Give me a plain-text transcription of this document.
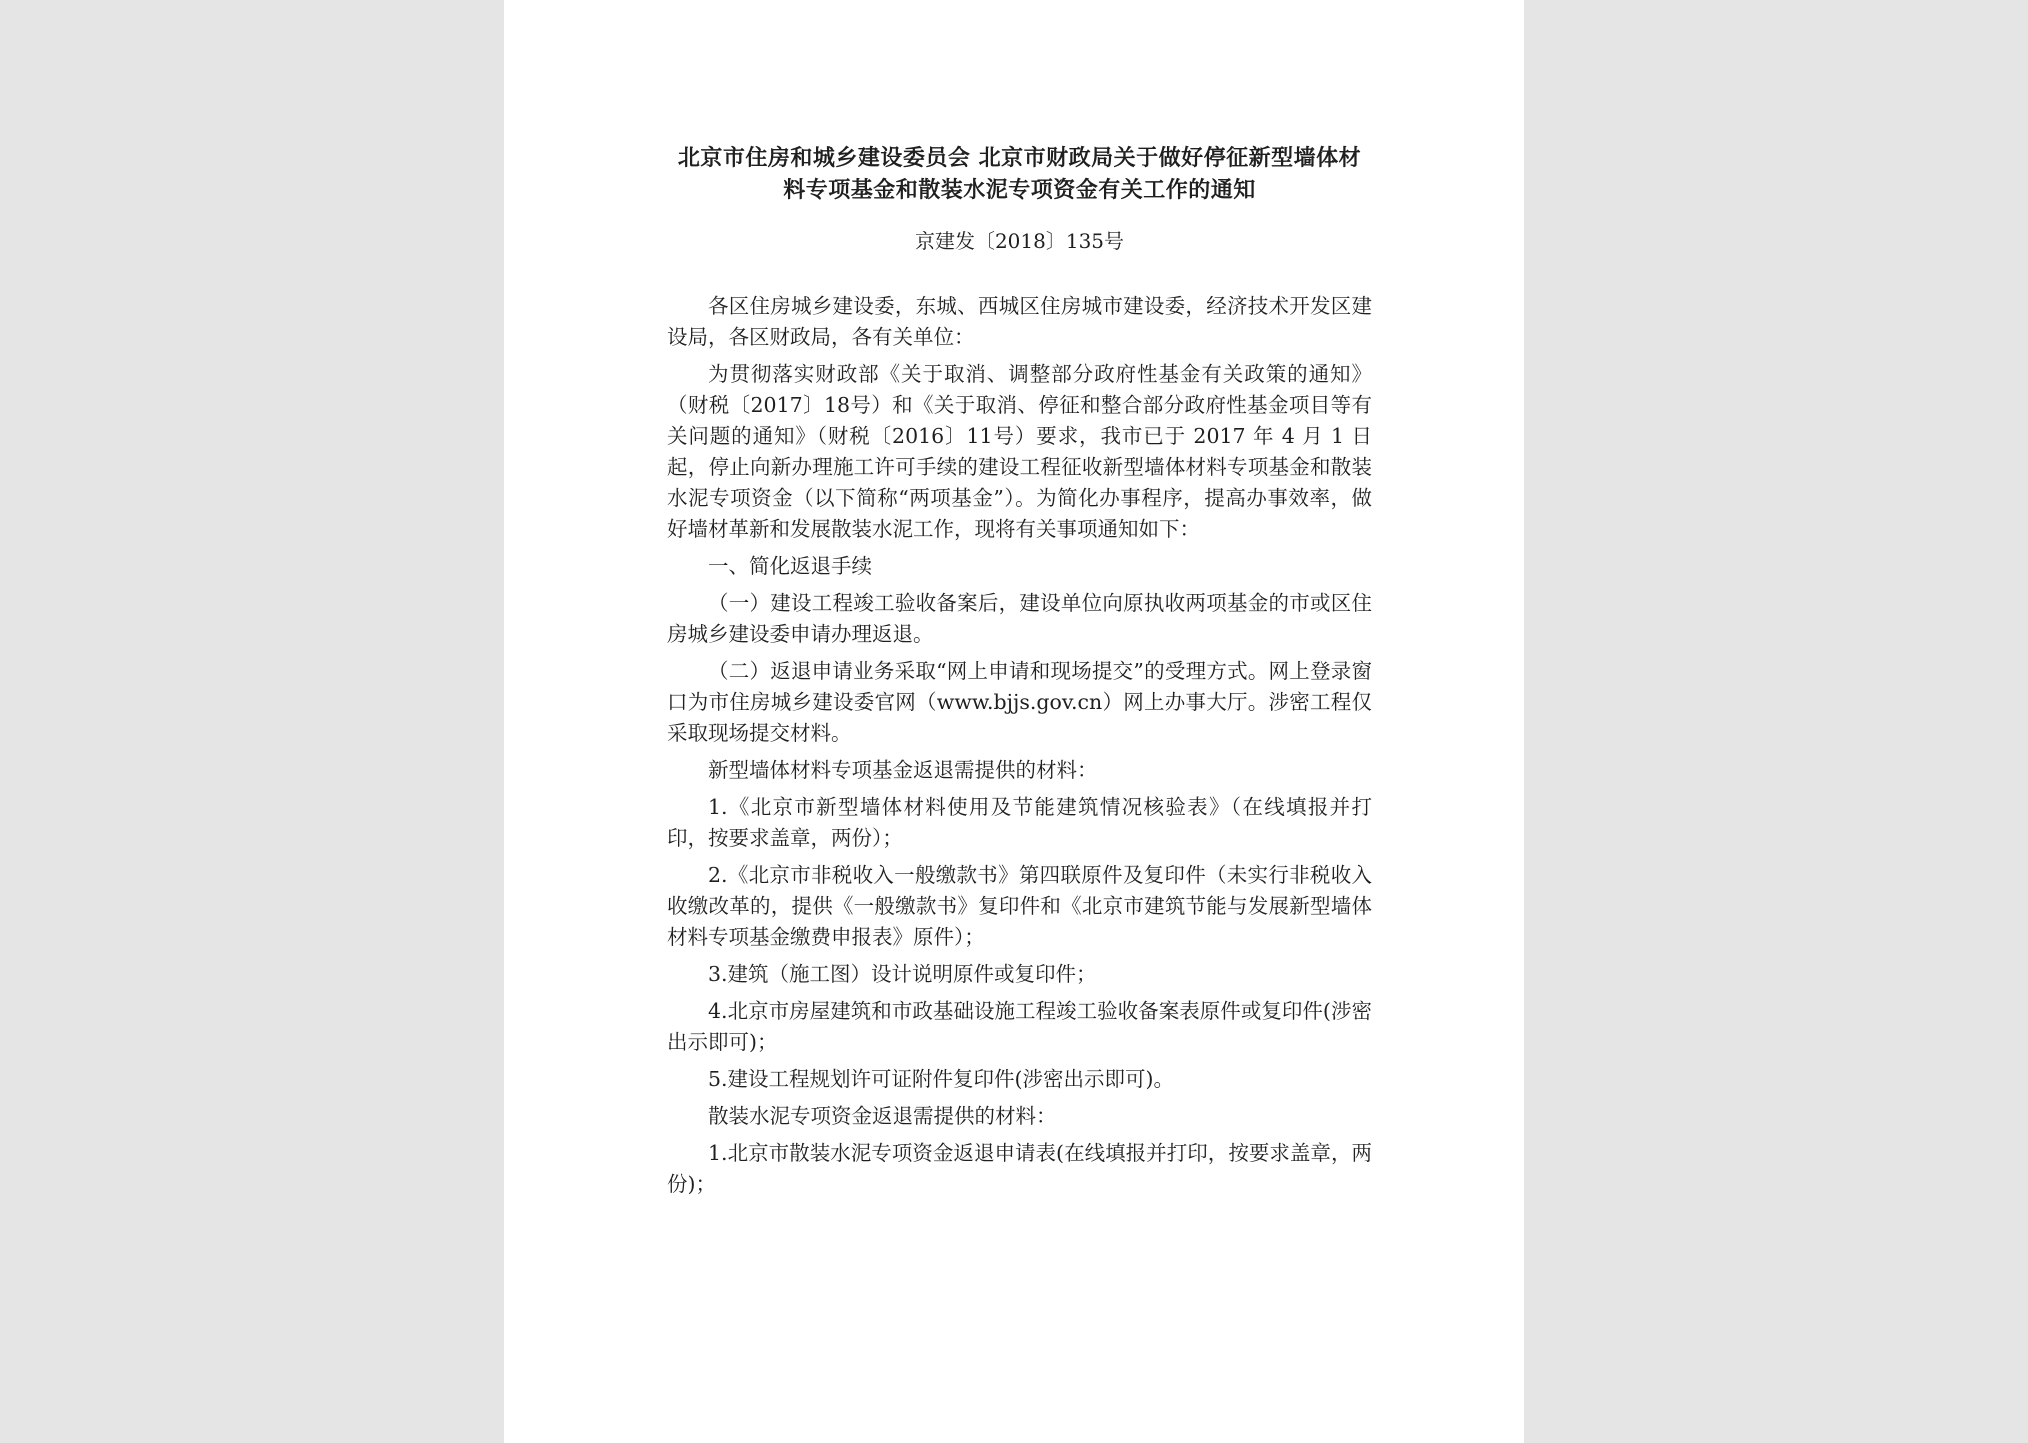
北京市住房和城乡建设委员会 北京市财政局关于做好停征新型墙体材料专项基金和散装水泥专项资金有关工作的通知
京建发〔2018〕135号

各区住房城乡建设委，东城、西城区住房城市建设委，经济技术开发区建设局，各区财政局，各有关单位：

为贯彻落实财政部《关于取消、调整部分政府性基金有关政策的通知》（财税〔2017〕18号）和《关于取消、停征和整合部分政府性基金项目等有关问题的通知》（财税〔2016〕11号）要求，我市已于 2017 年 4 月 1 日起，停止向新办理施工许可手续的建设工程征收新型墙体材料专项基金和散装水泥专项资金（以下简称“两项基金”）。为简化办事程序，提高办事效率，做好墙材革新和发展散装水泥工作，现将有关事项通知如下：

一、简化返退手续

（一）建设工程竣工验收备案后，建设单位向原执收两项基金的市或区住房城乡建设委申请办理返退。

（二）返退申请业务采取“网上申请和现场提交”的受理方式。网上登录窗口为市住房城乡建设委官网（www.bjjs.gov.cn）网上办事大厅。涉密工程仅采取现场提交材料。

新型墙体材料专项基金返退需提供的材料：

1.《北京市新型墙体材料使用及节能建筑情况核验表》（在线填报并打印，按要求盖章，两份）；

2.《北京市非税收入一般缴款书》第四联原件及复印件（未实行非税收入收缴改革的，提供《一般缴款书》复印件和《北京市建筑节能与发展新型墙体材料专项基金缴费申报表》原件）；

3.建筑（施工图）设计说明原件或复印件；

4.北京市房屋建筑和市政基础设施工程竣工验收备案表原件或复印件(涉密出示即可)；

5.建设工程规划许可证附件复印件(涉密出示即可)。

散装水泥专项资金返退需提供的材料：

1.北京市散装水泥专项资金返退申请表(在线填报并打印，按要求盖章，两份)；
